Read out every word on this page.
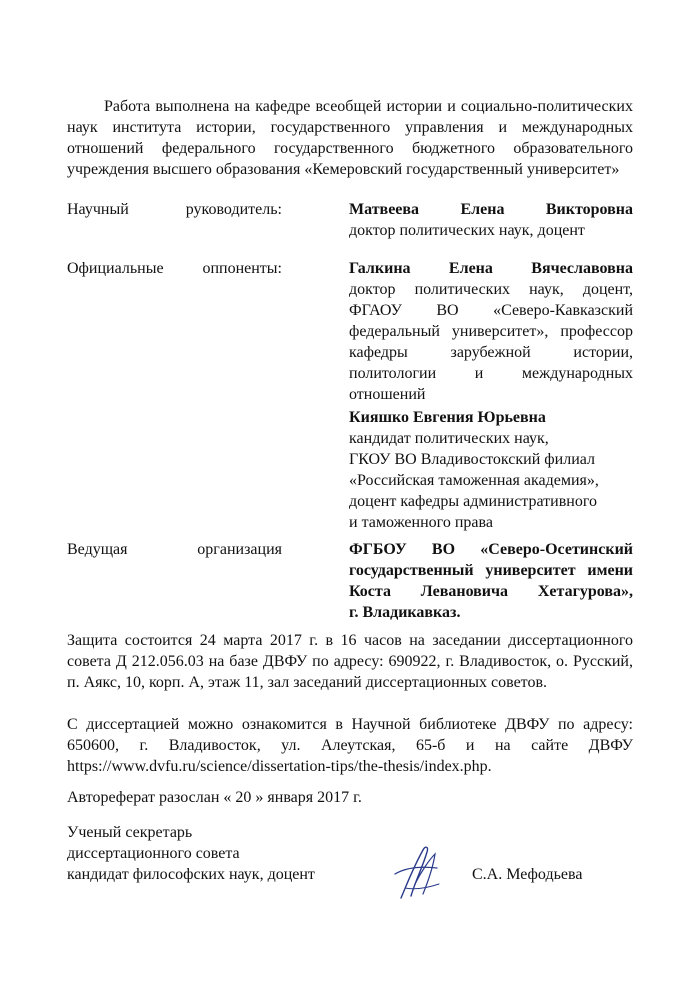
Работа выполнена на кафедре всеобщей истории и социально-политических наук института истории, государственного управления и международных отношений федерального государственного бюджетного образовательного учреждения высшего образования «Кемеровский государственный университет»

Научный руководитель:	Матвеева Елена Викторовна
доктор политических наук, доцент
Официальные оппоненты:	Галкина Елена Вячеславовна
доктор политических наук, доцент,
ФГАОУ ВО «Северо-Кавказский
федеральный университет», профессор
кафедры зарубежной истории,
политологии и международных
отношений
Кияшко Евгения Юрьевна
кандидат политических наук,
ГКОУ ВО Владивостокский филиал
«Российская таможенная академия»,
доцент кафедры административного
и таможенного права
Ведущая организация	ФГБОУ ВО «Северо-Осетинский
государственный университет имени
Коста Левановича Хетагурова»,
г. Владикавказ.

Защита состоится 24 марта 2017 г. в 16 часов на заседании диссертационного совета Д 212.056.03 на базе ДВФУ по адресу: 690922, г. Владивосток, о. Русский, п. Аякс, 10, корп. А, этаж 11, зал заседаний диссертационных советов.

С диссертацией можно ознакомится в Научной библиотеке ДВФУ по адресу: 650600, г. Владивосток, ул. Алеутская, 65-б и на сайте ДВФУ https://www.dvfu.ru/science/dissertation-tips/the-thesis/index.php.

Автореферат разослан « 20 » января 2017 г.

Ученый секретарь
диссертационного совета
кандидат философских наук, доцент	С.А. Мефодьева
